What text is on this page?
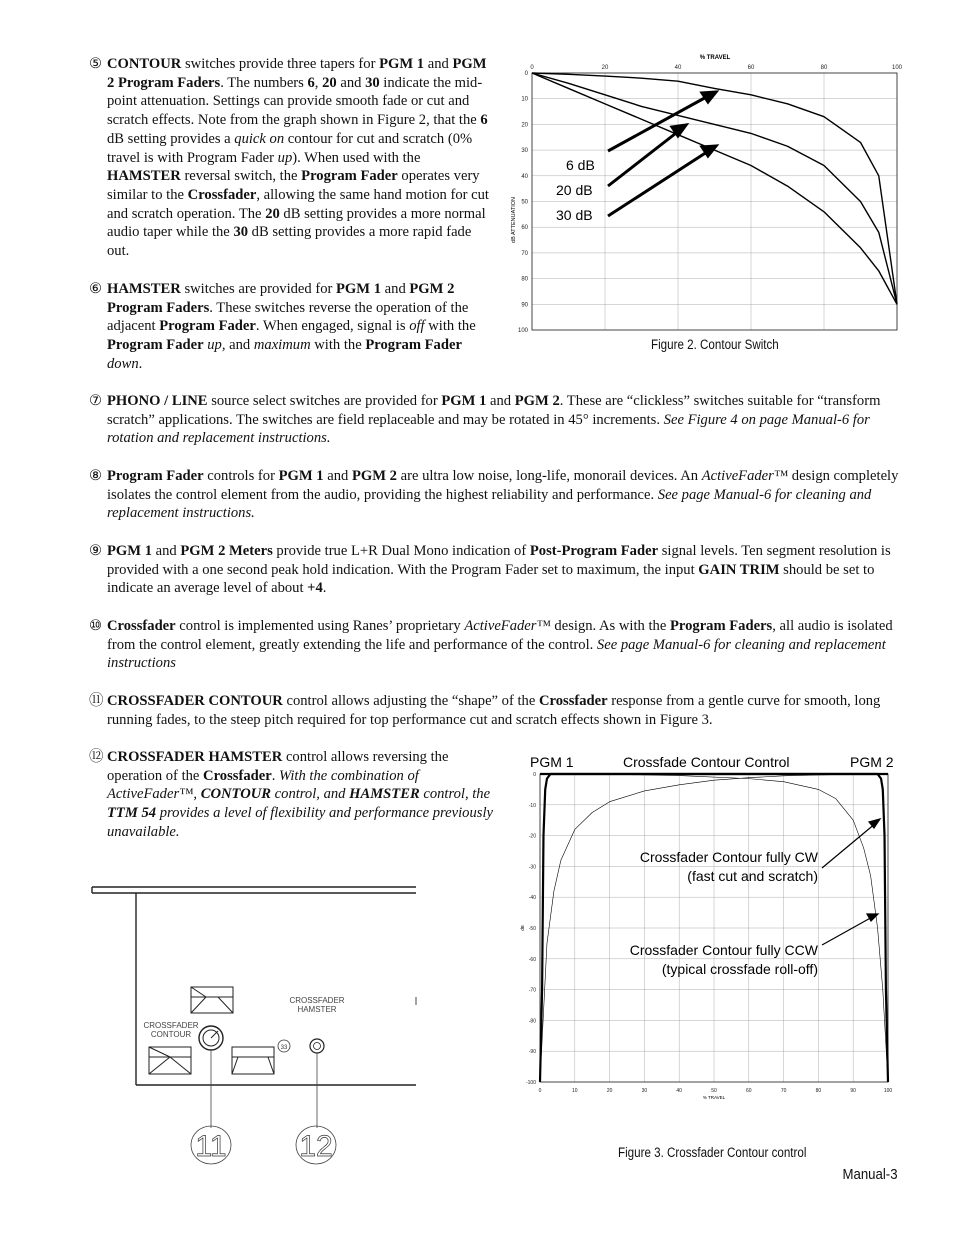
⑤ CONTOUR switches provide three tapers for PGM 1 and PGM 2 Program Faders. The numbers 6, 20 and 30 indicate the mid-point attenuation. Settings can provide smooth fade or cut and scratch effects. Note from the graph shown in Figure 2, that the 6 dB setting provides a quick on contour for cut and scratch (0% travel is with Program Fader up). When used with the HAMSTER reversal switch, the Program Fader operates very similar to the Crossfader, allowing the same hand motion for cut and scratch operation. The 20 dB setting provides a more normal audio taper while the 30 dB setting provides a more rapid fade out.
⑥ HAMSTER switches are provided for PGM 1 and PGM 2 Program Faders. These switches reverse the operation of the adjacent Program Fader. When engaged, signal is off with the Program Fader up, and maximum with the Program Fader down.
⑦ PHONO / LINE source select switches are provided for PGM 1 and PGM 2. These are “clickless” switches suitable for “transform scratch” applications. The switches are field replaceable and may be rotated in 45° increments. See Figure 4 on page Manual-6 for rotation and replacement instructions.
⑧ Program Fader controls for PGM 1 and PGM 2 are ultra low noise, long-life, monorail devices. An ActiveFader™ design completely isolates the control element from the audio, providing the highest reliability and performance. See page Manual-6 for cleaning and replacement instructions.
⑨ PGM 1 and PGM 2 Meters provide true L+R Dual Mono indication of Post-Program Fader signal levels. Ten segment resolution is provided with a one second peak hold indication. With the Program Fader set to maximum, the input GAIN TRIM should be set to indicate an average level of about +4.
⑩ Crossfader control is implemented using Ranes’ proprietary ActiveFader™ design. As with the Program Faders, all audio is isolated from the control element, greatly extending the life and performance of the control. See page Manual-6 for cleaning and replacement instructions
⑪ CROSSFADER CONTOUR control allows adjusting the “shape” of the Crossfader response from a gentle curve for smooth, long running fades, to the steep pitch required for top performance cut and scratch effects shown in Figure 3.
⑫ CROSSFADER HAMSTER control allows reversing the operation of the Crossfader. With the combination of ActiveFader™, CONTOUR control, and HAMSTER control, the TTM 54 provides a level of flexibility and performance previously unavailable.
% TRAVEL
0	20	40	60	80	100
0
10
20
30
40
50
60
70
80
90
100
dB ATTENUATION
6 dB
20 dB
30 dB
Figure 2. Contour Switch
PGM 1	Crossfade Contour Control	PGM 2
0	10	20	30	40	50	60	70	80	90	100
0
-10
-20
-30
-40
-50
-60
-70
-80
-90
-100
% TRAVEL
dB
Crossfader Contour fully CW
(fast cut and scratch)
Crossfader Contour fully CCW
(typical crossfade roll-off)
Figure 3. Crossfader Contour control
CROSSFADER
CONTOUR
CROSSFADER
HAMSTER
33
11 12
Manual-3
